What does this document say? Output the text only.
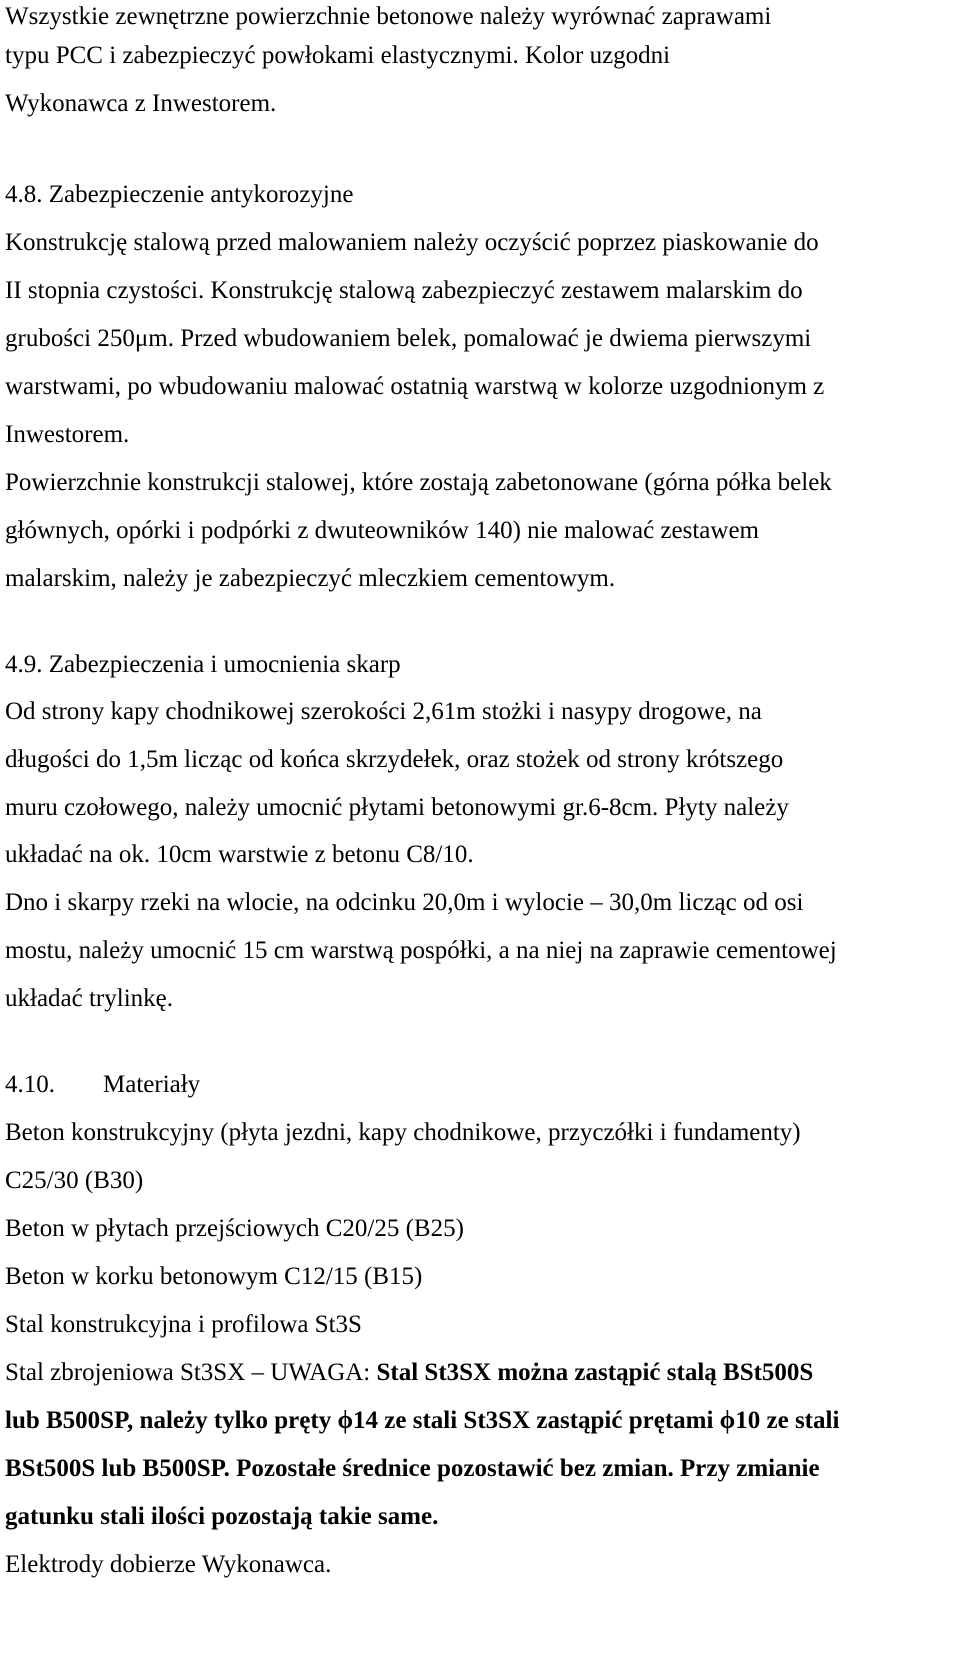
Wszystkie zewnętrzne powierzchnie betonowe należy wyrównać zaprawami
typu PCC i zabezpieczyć powłokami elastycznymi. Kolor uzgodni
Wykonawca z Inwestorem.
4.8. Zabezpieczenie antykorozyjne
Konstrukcję stalową przed malowaniem należy oczyścić poprzez piaskowanie do
II stopnia czystości. Konstrukcję stalową zabezpieczyć zestawem malarskim do
grubości 250μm. Przed wbudowaniem belek, pomalować je dwiema pierwszymi
warstwami, po wbudowaniu malować ostatnią warstwą w kolorze uzgodnionym z
Inwestorem.
Powierzchnie konstrukcji stalowej, które zostają zabetonowane (górna półka belek
głównych, opórki i podpórki z dwuteowników 140) nie malować zestawem
malarskim, należy je zabezpieczyć mleczkiem cementowym.
4.9. Zabezpieczenia i umocnienia skarp
Od strony kapy chodnikowej szerokości 2,61m stożki i nasypy drogowe, na
długości do 1,5m licząc od końca skrzydełek, oraz stożek od strony krótszego
muru czołowego, należy umocnić płytami betonowymi gr.6-8cm. Płyty należy
układać na ok. 10cm warstwie z betonu C8/10.
Dno i skarpy rzeki na wlocie, na odcinku 20,0m i wylocie – 30,0m licząc od osi
mostu, należy umocnić 15 cm warstwą pospółki, a na niej na zaprawie cementowej
układać trylinkę.
4.10. Materiały
Beton konstrukcyjny (płyta jezdni, kapy chodnikowe, przyczółki i fundamenty)
C25/30 (B30)
Beton w płytach przejściowych C20/25 (B25)
Beton w korku betonowym C12/15 (B15)
Stal konstrukcyjna i profilowa St3S
Stal zbrojeniowa St3SX – UWAGA: Stal St3SX można zastąpić stalą BSt500S
lub B500SP, należy tylko pręty ϕ14 ze stali St3SX zastąpić prętami ϕ10 ze stali
BSt500S lub B500SP. Pozostałe średnice pozostawić bez zmian. Przy zmianie
gatunku stali ilości pozostają takie same.
Elektrody dobierze Wykonawca.
